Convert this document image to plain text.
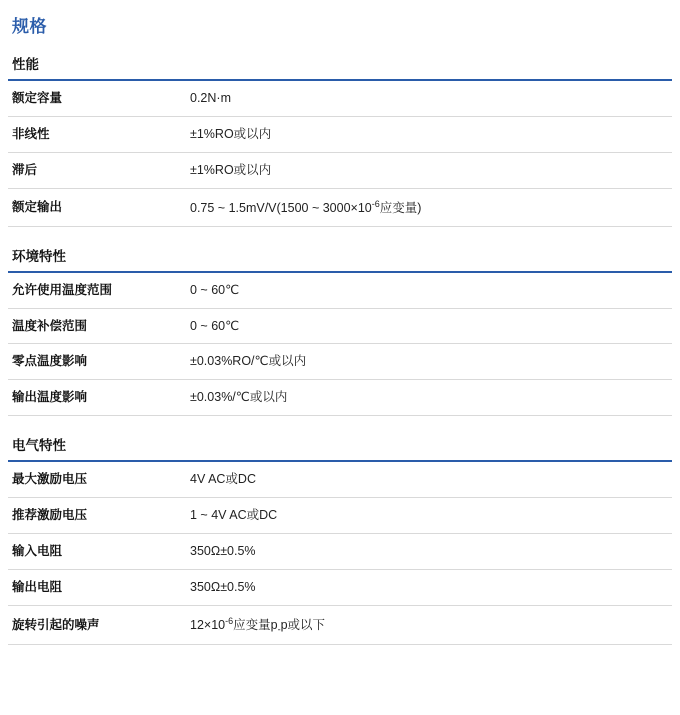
规格
性能
额定容量	0.2N·m
非线性	±1%RO或以内
滞后	±1%RO或以内
额定输出	0.75 ~ 1.5mV/V(1500 ~ $3000\times 10^{-6}$应变量)
环境特性
允许使用温度范围	0 ~ 60℃
温度补偿范围	0 ~ 60℃
零点温度影响	±0.03%RO/℃或以内
输出温度影响	±0.03%/℃或以内
电气特性
最大激励电压	4V AC或DC
推荐激励电压	1 ~ 4V AC或DC
输入电阻	350Ω±0.5%
输出电阻	350Ω±0.5%
旋转引起的噪声	$12\times 10^{-6}$应变量$p_-p$或以下
